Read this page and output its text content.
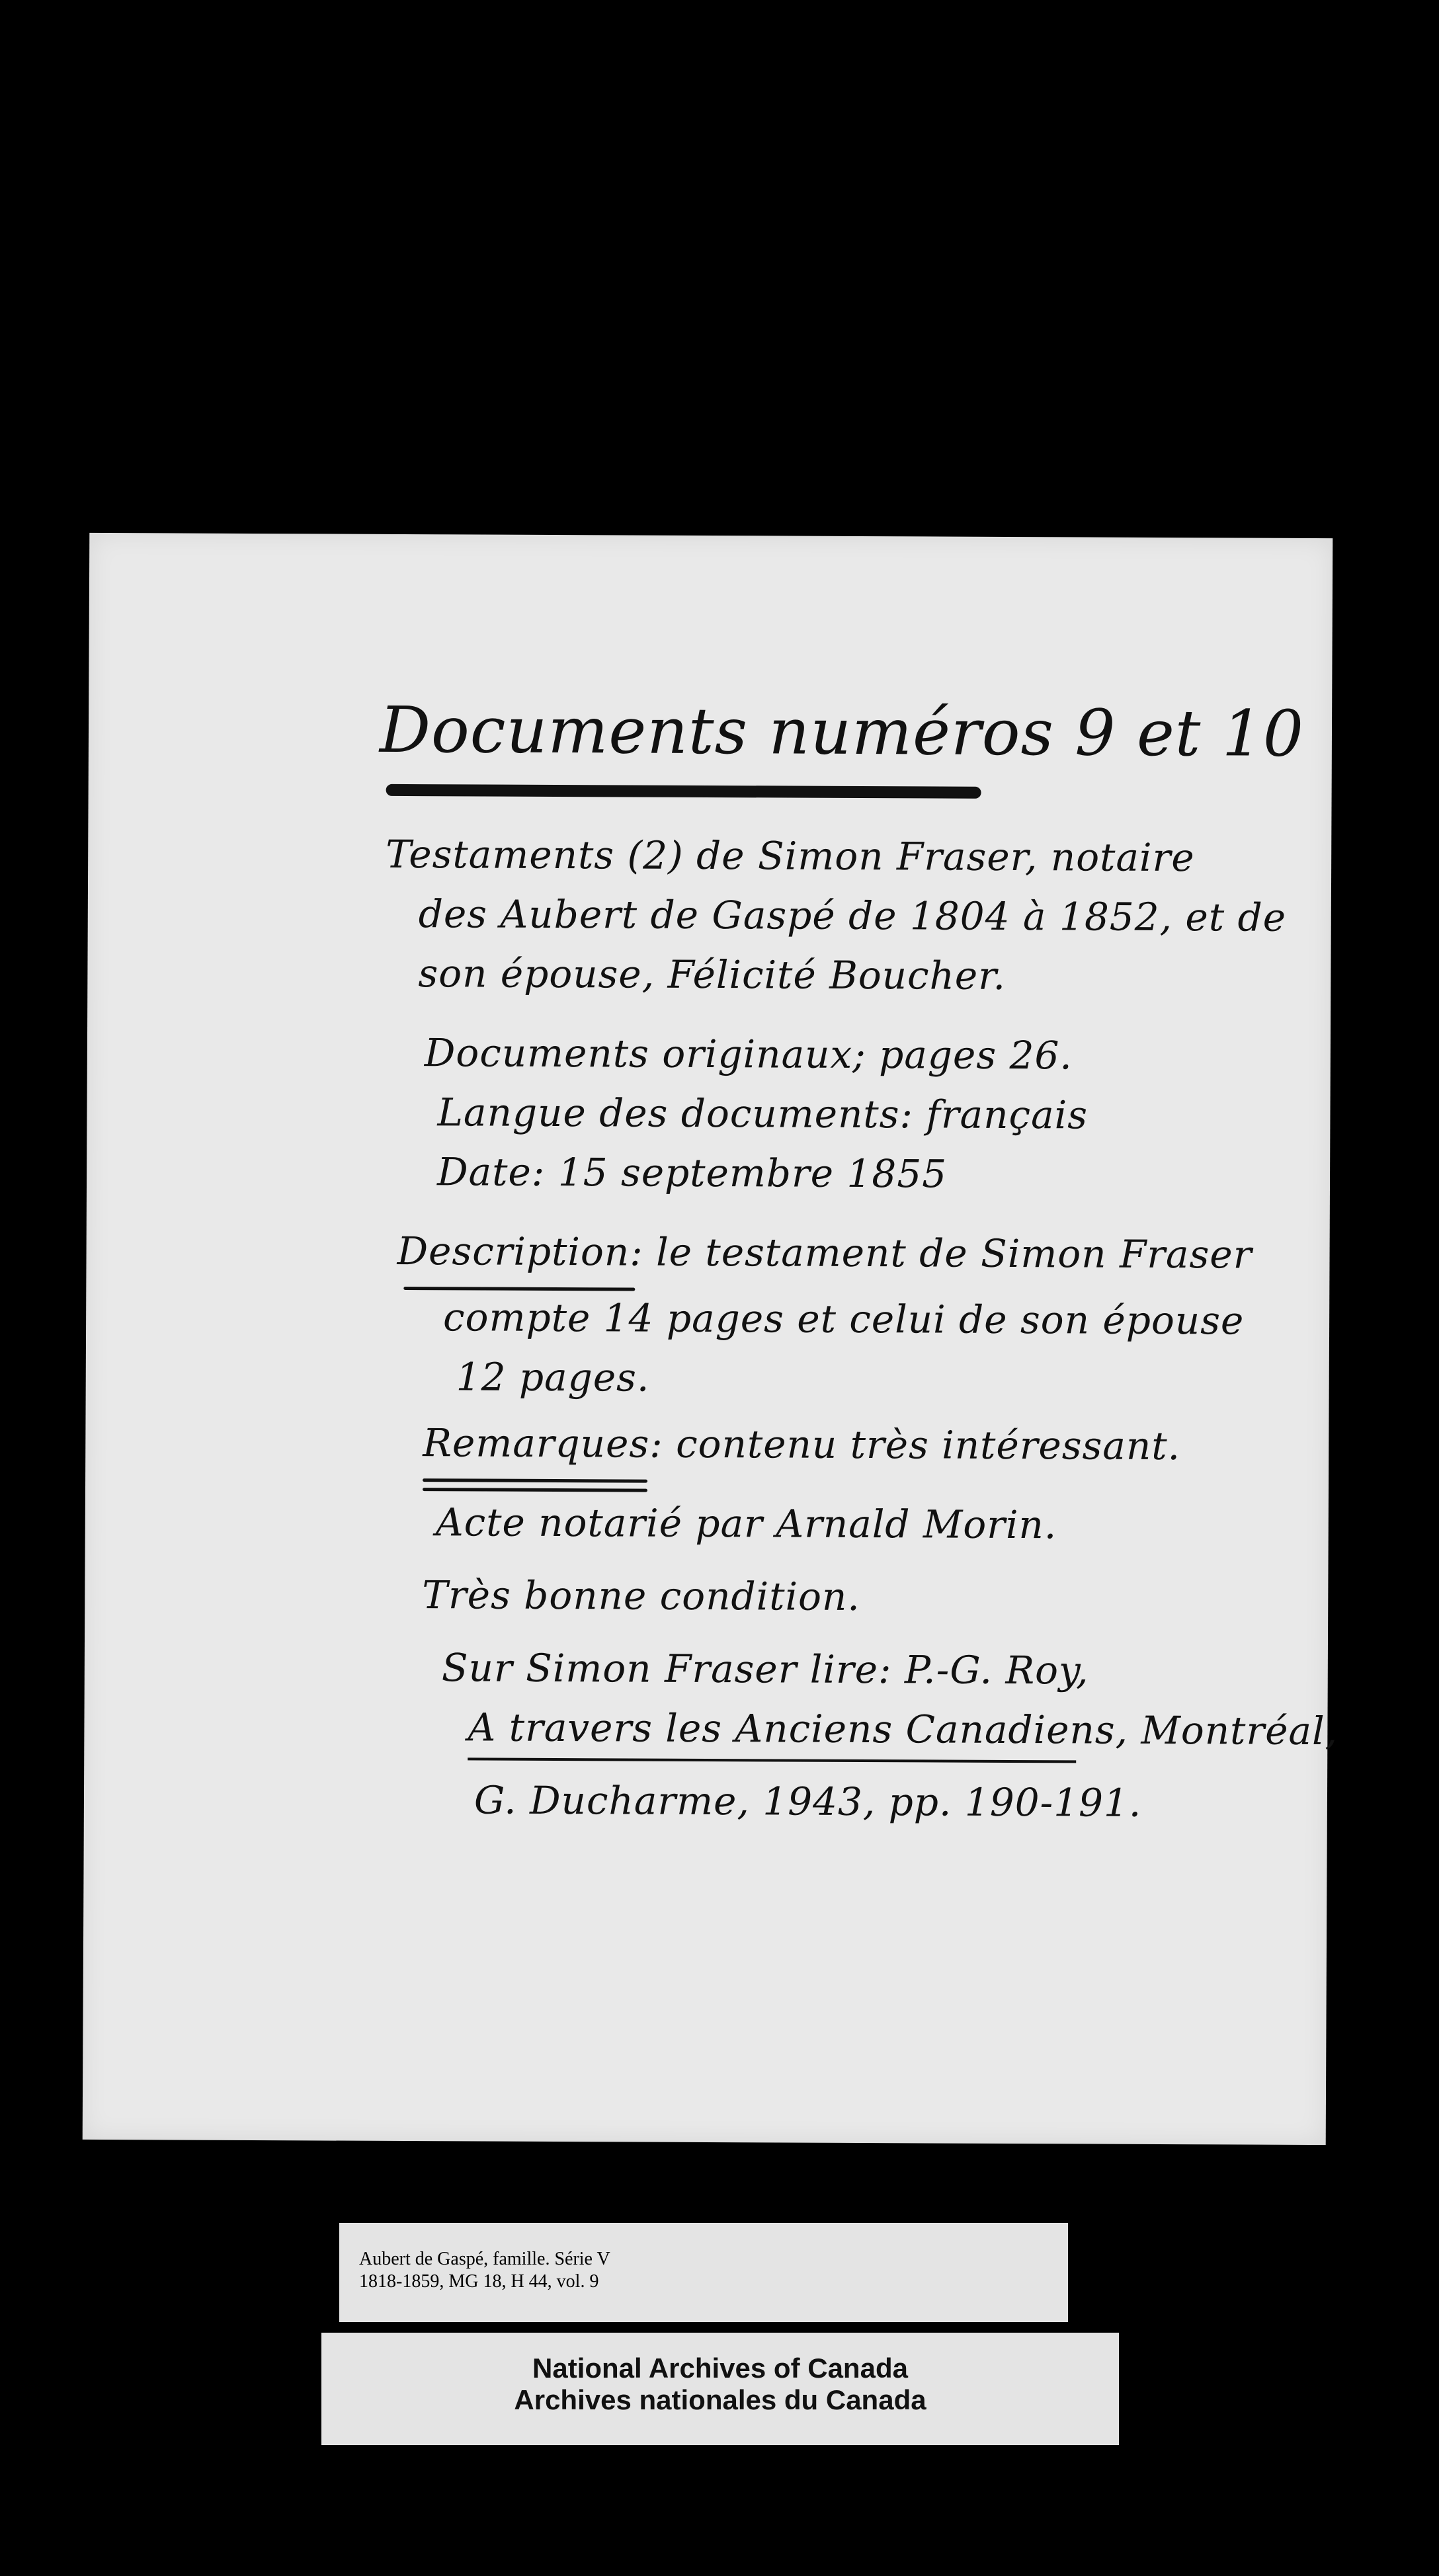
Documents numéros 9 et 10
Testaments (2) de Simon Fraser, notaire
des Aubert de Gaspé de 1804 à 1852, et de
son épouse, Félicité Boucher.
Documents originaux; pages 26.
Langue des documents: français
Date: 15 septembre 1855
Description: le testament de Simon Fraser
compte 14 pages et celui de son épouse
12 pages.
Remarques: contenu très intéressant.
Acte notarié par Arnald Morin.
Très bonne condition.
Sur Simon Fraser lire: P.-G. Roy,
A travers les Anciens Canadiens, Montréal,
G. Ducharme, 1943, pp. 190-191.
Aubert de Gaspé, famille. Série V
1818-1859, MG 18, H 44, vol. 9
National Archives of Canada
Archives nationales du Canada
